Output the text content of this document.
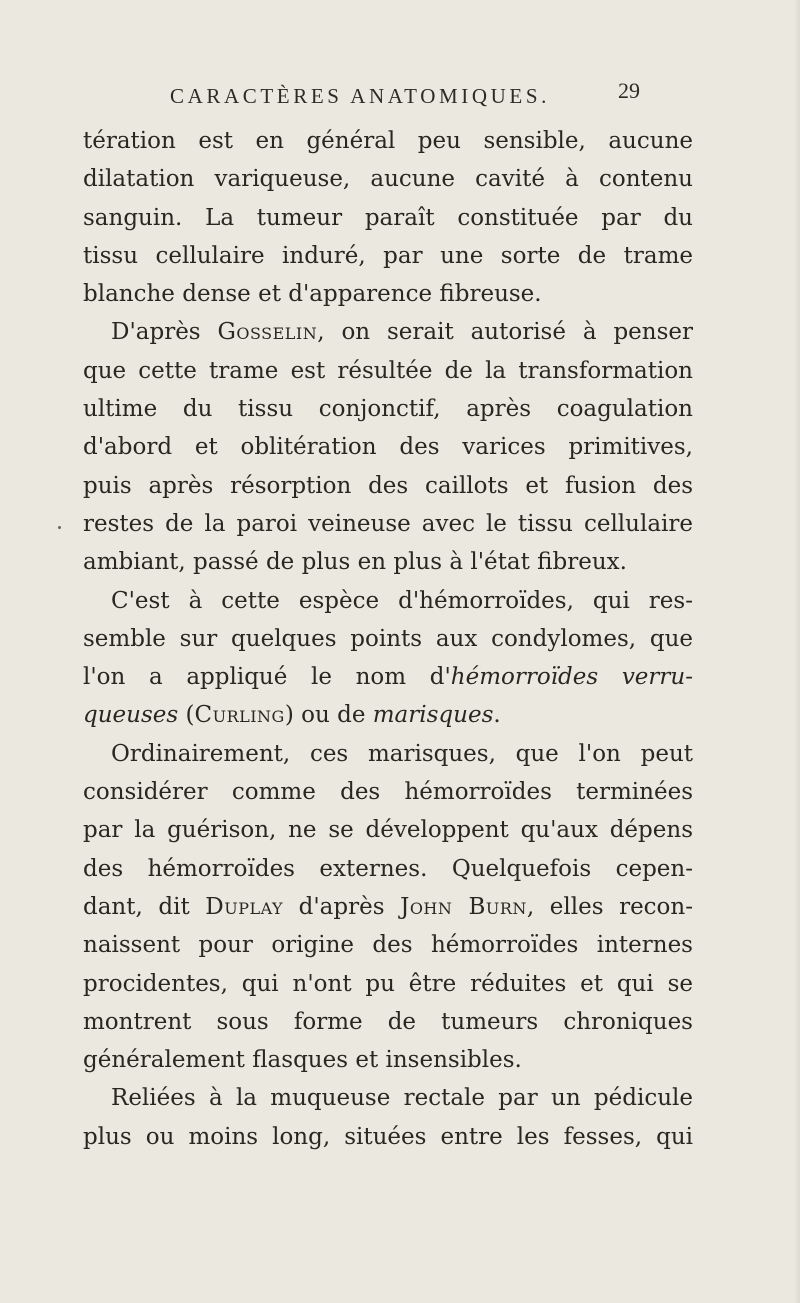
CARACTÈRES ANATOMIQUES.	29
tération est en général peu sensible, aucune
dilatation variqueuse, aucune cavité à contenu
sanguin. La tumeur paraît constituée par du
tissu cellulaire induré, par une sorte de trame
blanche dense et d'apparence fibreuse.
D'après Gosselin, on serait autorisé à penser
que cette trame est résultée de la transformation
ultime du tissu conjonctif, après coagulation
d'abord et oblitération des varices primitives,
puis après résorption des caillots et fusion des
restes de la paroi veineuse avec le tissu cellulaire
ambiant, passé de plus en plus à l'état fibreux.
C'est à cette espèce d'hémorroïdes, qui res-
semble sur quelques points aux condylomes, que
l'on a appliqué le nom d'hémorroïdes verru-
queuses (Curling) ou de marisques.
Ordinairement, ces marisques, que l'on peut
considérer comme des hémorroïdes terminées
par la guérison, ne se développent qu'aux dépens
des hémorroïdes externes. Quelquefois cepen-
dant, dit Duplay d'après John Burn, elles recon-
naissent pour origine des hémorroïdes internes
procidentes, qui n'ont pu être réduites et qui se
montrent sous forme de tumeurs chroniques
généralement flasques et insensibles.
Reliées à la muqueuse rectale par un pédicule
plus ou moins long, situées entre les fesses, qui
